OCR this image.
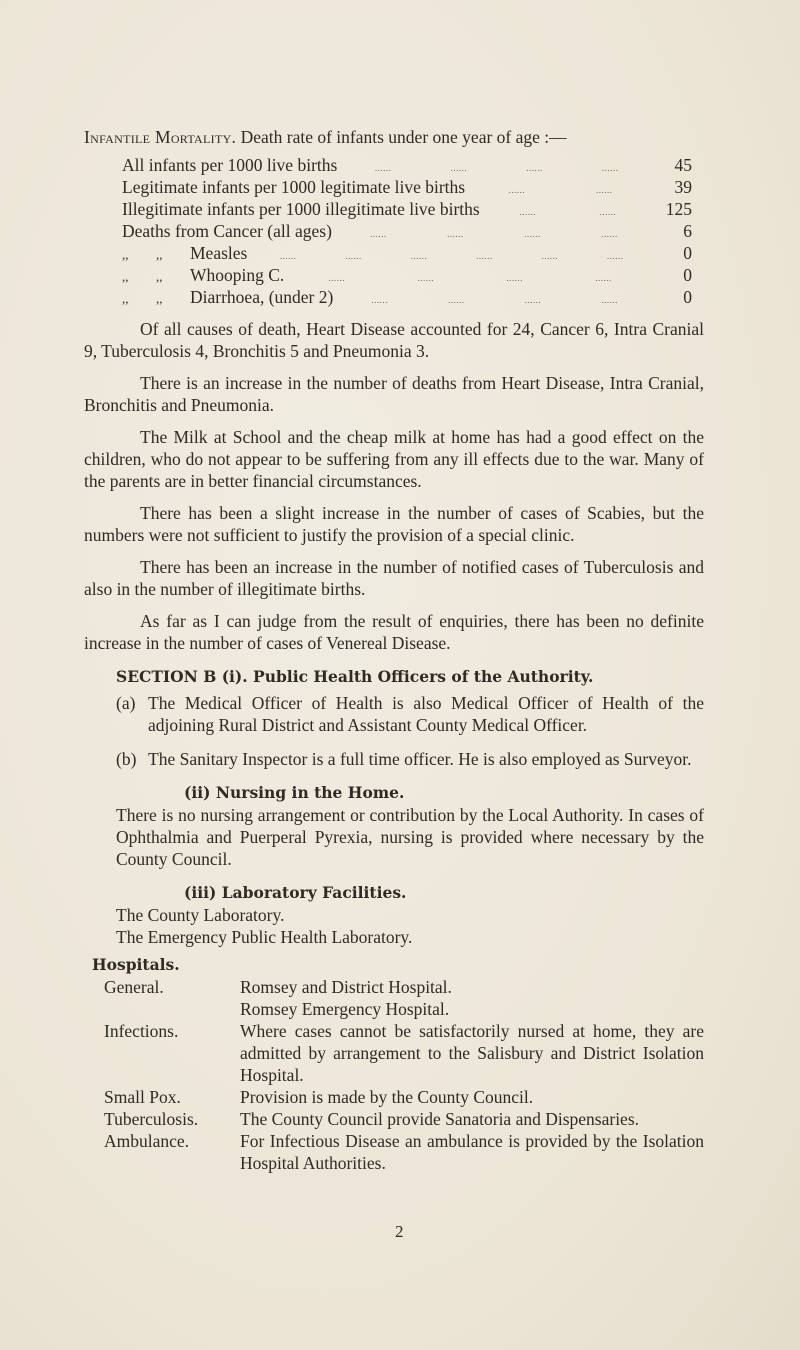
Infantile Mortality. Death rate of infants under one year of age :—
All infants per 1000 live births	......	......	......	......	45
Legitimate infants per 1000 legitimate live births	......	......	39
Illegitimate infants per 1000 illegitimate live births	......	......	125
Deaths from Cancer (all ages)	......	......	......	......	6
,, ,, Measles	......	......	......	......	......	......	0
,, ,, Whooping C.	......	......	......	......	0
,, ,, Diarrhoea, (under 2)	......	......	......	......	0

Of all causes of death, Heart Disease accounted for 24, Cancer 6, Intra Cranial 9, Tuberculosis 4, Bronchitis 5 and Pneumonia 3.

There is an increase in the number of deaths from Heart Disease, Intra Cranial, Bronchitis and Pneumonia.

The Milk at School and the cheap milk at home has had a good effect on the children, who do not appear to be suffering from any ill effects due to the war. Many of the parents are in better financial circumstances.

There has been a slight increase in the number of cases of Scabies, but the numbers were not sufficient to justify the provision of a special clinic.

There has been an increase in the number of notified cases of Tuberculosis and also in the number of illegitimate births.

As far as I can judge from the result of enquiries, there has been no definite increase in the number of cases of Venereal Disease.

SECTION B (i). Public Health Officers of the Authority.
(a) The Medical Officer of Health is also Medical Officer of Health of the adjoining Rural District and Assistant County Medical Officer.
(b) The Sanitary Inspector is a full time officer. He is also employed as Surveyor.
(ii) Nursing in the Home.
There is no nursing arrangement or contribution by the Local Authority. In cases of Ophthalmia and Puerperal Pyrexia, nursing is provided where necessary by the County Council.
(iii) Laboratory Facilities.
The County Laboratory.
The Emergency Public Health Laboratory.
Hospitals.
General.	Romsey and District Hospital.
Romsey Emergency Hospital.
Infections.	Where cases cannot be satisfactorily nursed at home, they are admitted by arrangement to the Salisbury and District Isolation Hospital.
Small Pox.	Provision is made by the County Council.
Tuberculosis.	The County Council provide Sanatoria and Dispensaries.
Ambulance.	For Infectious Disease an ambulance is provided by the Isolation Hospital Authorities.
2
